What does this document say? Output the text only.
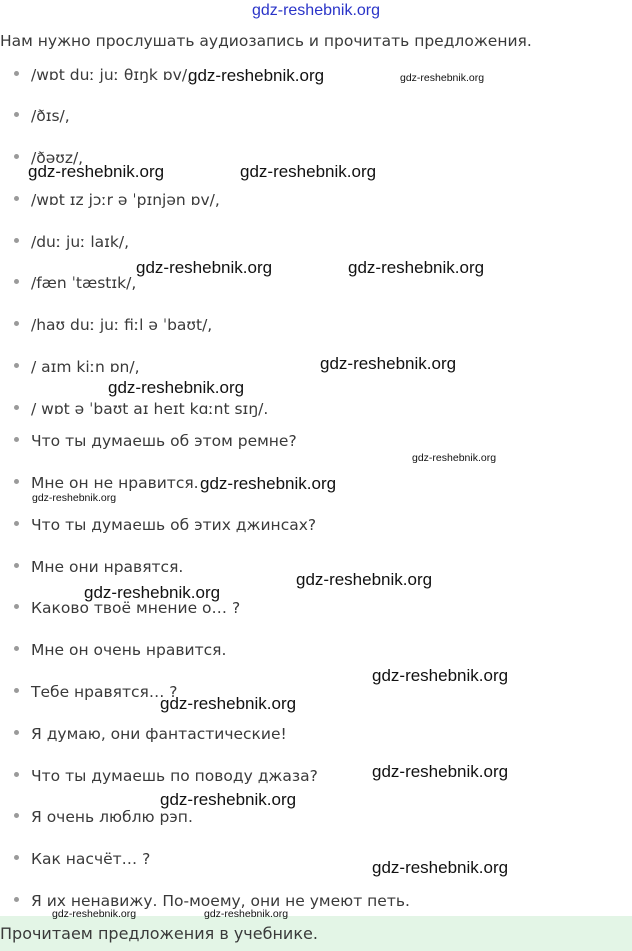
gdz-reshebnik.org
Нам нужно прослушать аудиозапись и прочитать предложения.
/wɒt duː juː θɪŋk ɒv/,
/ðɪs/,
/ðəʊz/,
/wɒt ɪz jɔːr ə ˈpɪnjən ɒv/,
/duː juː laɪk/,
/fæn ˈtæstɪk/,
/haʊ duː juː fiːl ə ˈbaʊt/,
/ aɪm kiːn ɒn/,
/ wɒt ə ˈbaʊt aɪ heɪt kɑːnt sɪŋ/.
Что ты думаешь об этом ремне?
Мне он не нравится.
Что ты думаешь об этих джинсах?
Мне они нравятся.
Каково твоё мнение о… ?
Мне он очень нравится.
Тебе нравятся… ?
Я думаю, они фантастические!
Что ты думаешь по поводу джаза?
Я очень люблю рэп.
Как насчёт… ?
Я их ненавижу. По-моему, они не умеют петь.
gdz-reshebnik.org	gdz-reshebnik.org
gdz-reshebnik.org	gdz-reshebnik.org
gdz-reshebnik.org	gdz-reshebnik.org
gdz-reshebnik.org
gdz-reshebnik.org
gdz-reshebnik.org
gdz-reshebnik.org
gdz-reshebnik.org
gdz-reshebnik.org
gdz-reshebnik.org
gdz-reshebnik.org
gdz-reshebnik.org
gdz-reshebnik.org
gdz-reshebnik.org
gdz-reshebnik.org
Прочитаем предложения в учебнике.
gdz-reshebnik.org	gdz-reshebnik.org
